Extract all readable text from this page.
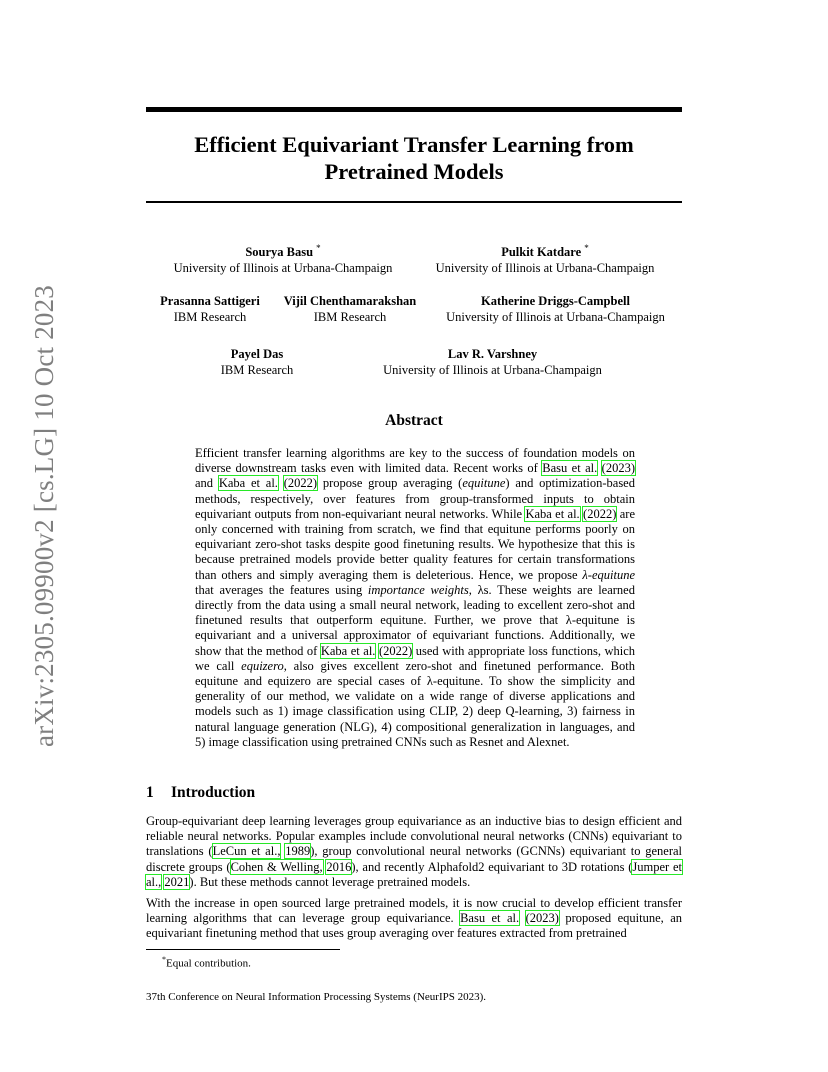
arXiv:2305.09900v2 [cs.LG] 10 Oct 2023
Efficient Equivariant Transfer Learning from
Pretrained Models
Sourya Basu *
University of Illinois at Urbana-Champaign
Pulkit Katdare *
University of Illinois at Urbana-Champaign
Prasanna Sattigeri
IBM Research
Vijil Chenthamarakshan
IBM Research
Katherine Driggs-Campbell
University of Illinois at Urbana-Champaign
Payel Das
IBM Research
Lav R. Varshney
University of Illinois at Urbana-Champaign
Abstract

Efficient transfer learning algorithms are key to the success of foundation models on diverse downstream tasks even with limited data. Recent works of Basu et al. (2023) and Kaba et al. (2022) propose group averaging (equitune) and optimization-based methods, respectively, over features from group-transformed inputs to obtain equivariant outputs from non-equivariant neural networks. While Kaba et al. (2022) are only concerned with training from scratch, we find that equitune performs poorly on equivariant zero-shot tasks despite good finetuning results. We hypothesize that this is because pretrained models provide better quality features for certain transformations than others and simply averaging them is deleterious. Hence, we propose λ-equitune that averages the features using importance weights, λs. These weights are learned directly from the data using a small neural network, leading to excellent zero-shot and finetuned results that outperform equitune. Further, we prove that λ-equitune is equivariant and a universal approximator of equivariant functions. Additionally, we show that the method of Kaba et al. (2022) used with appropriate loss functions, which we call equizero, also gives excellent zero-shot and finetuned performance. Both equitune and equizero are special cases of λ-equitune. To show the simplicity and generality of our method, we validate on a wide range of diverse applications and models such as 1) image classification using CLIP, 2) deep Q-learning, 3) fairness in natural language generation (NLG), 4) compositional generalization in languages, and 5) image classification using pretrained CNNs such as Resnet and Alexnet.

1 Introduction

Group-equivariant deep learning leverages group equivariance as an inductive bias to design efficient and reliable neural networks. Popular examples include convolutional neural networks (CNNs) equivariant to translations (LeCun et al., 1989), group convolutional neural networks (GCNNs) equivariant to general discrete groups (Cohen & Welling, 2016), and recently Alphafold2 equivariant to 3D rotations (Jumper et al., 2021). But these methods cannot leverage pretrained models.

With the increase in open sourced large pretrained models, it is now crucial to develop efficient transfer learning algorithms that can leverage group equivariance. Basu et al. (2023) proposed equitune, an equivariant finetuning method that uses group averaging over features extracted from pretrained

*Equal contribution.
37th Conference on Neural Information Processing Systems (NeurIPS 2023).
